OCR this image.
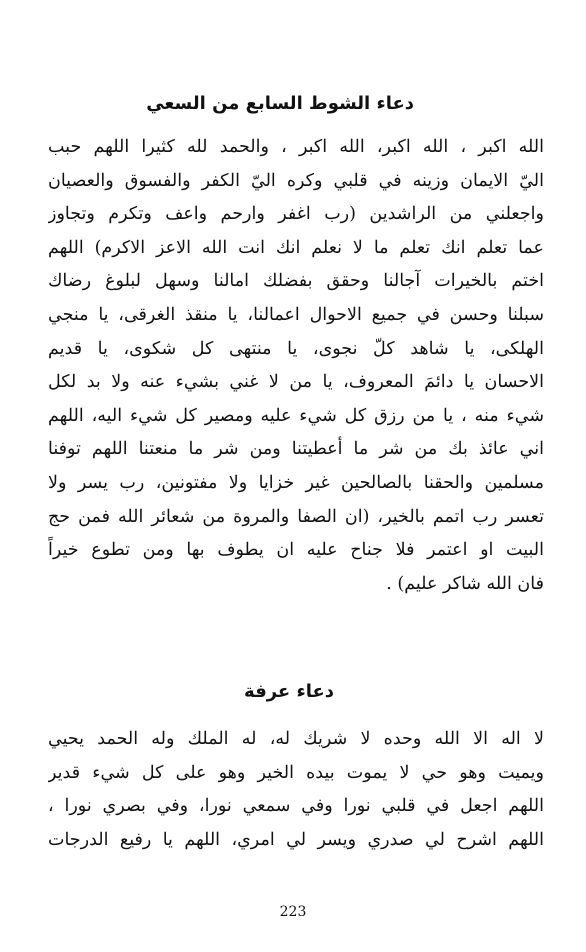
دعاء الشوط السابع من السعي
الله اكبر ، الله اكبر، الله اكبر ، والحمد لله كثيرا اللهم حبب
اليّ الايمان وزينه في قلبي وكره اليّ الكفر والفسوق والعصيان
واجعلني من الراشدين (رب اغفر وارحم واعف وتكرم وتجاوز
عما تعلم انك تعلم ما لا نعلم انك انت الله الاعز الاكرم) اللهم
اختم بالخيرات آجالنا وحقق بفضلك امالنا وسهل لبلوغ رضاك
سبلنا وحسن في جميع الاحوال اعمالنا، يا منقذ الغرقى، يا منجي
الهلكى، يا شاهد كلّ نجوى، يا منتهى كل شكوى، يا قديم
الاحسان يا دائمَ المعروف، يا من لا غني بشيء عنه ولا بد لكل
شيء منه ، يا من رزق كل شيء عليه ومصير كل شيء اليه، اللهم
اني عائذ بك من شر ما أعطيتنا ومن شر ما منعتنا اللهم توفنا
مسلمين والحقنا بالصالحين غير خزايا ولا مفتونين، رب يسر ولا
تعسر رب اتمم بالخير، (ان الصفا والمروة من شعائر الله فمن حج
البيت او اعتمر فلا جناح عليه ان يطوف بها ومن تطوع خيراً
فان الله شاكر عليم) .
دعاء عرفة
لا اله الا الله وحده لا شريك له، له الملك وله الحمد يحيي
ويميت وهو حي لا يموت بيده الخير وهو على كل شيء قدير
اللهم اجعل في قلبي نورا وفي سمعي نورا، وفي بصري نورا ،
اللهم اشرح لي صدري ويسر لي امري، اللهم يا رفيع الدرجات
223
